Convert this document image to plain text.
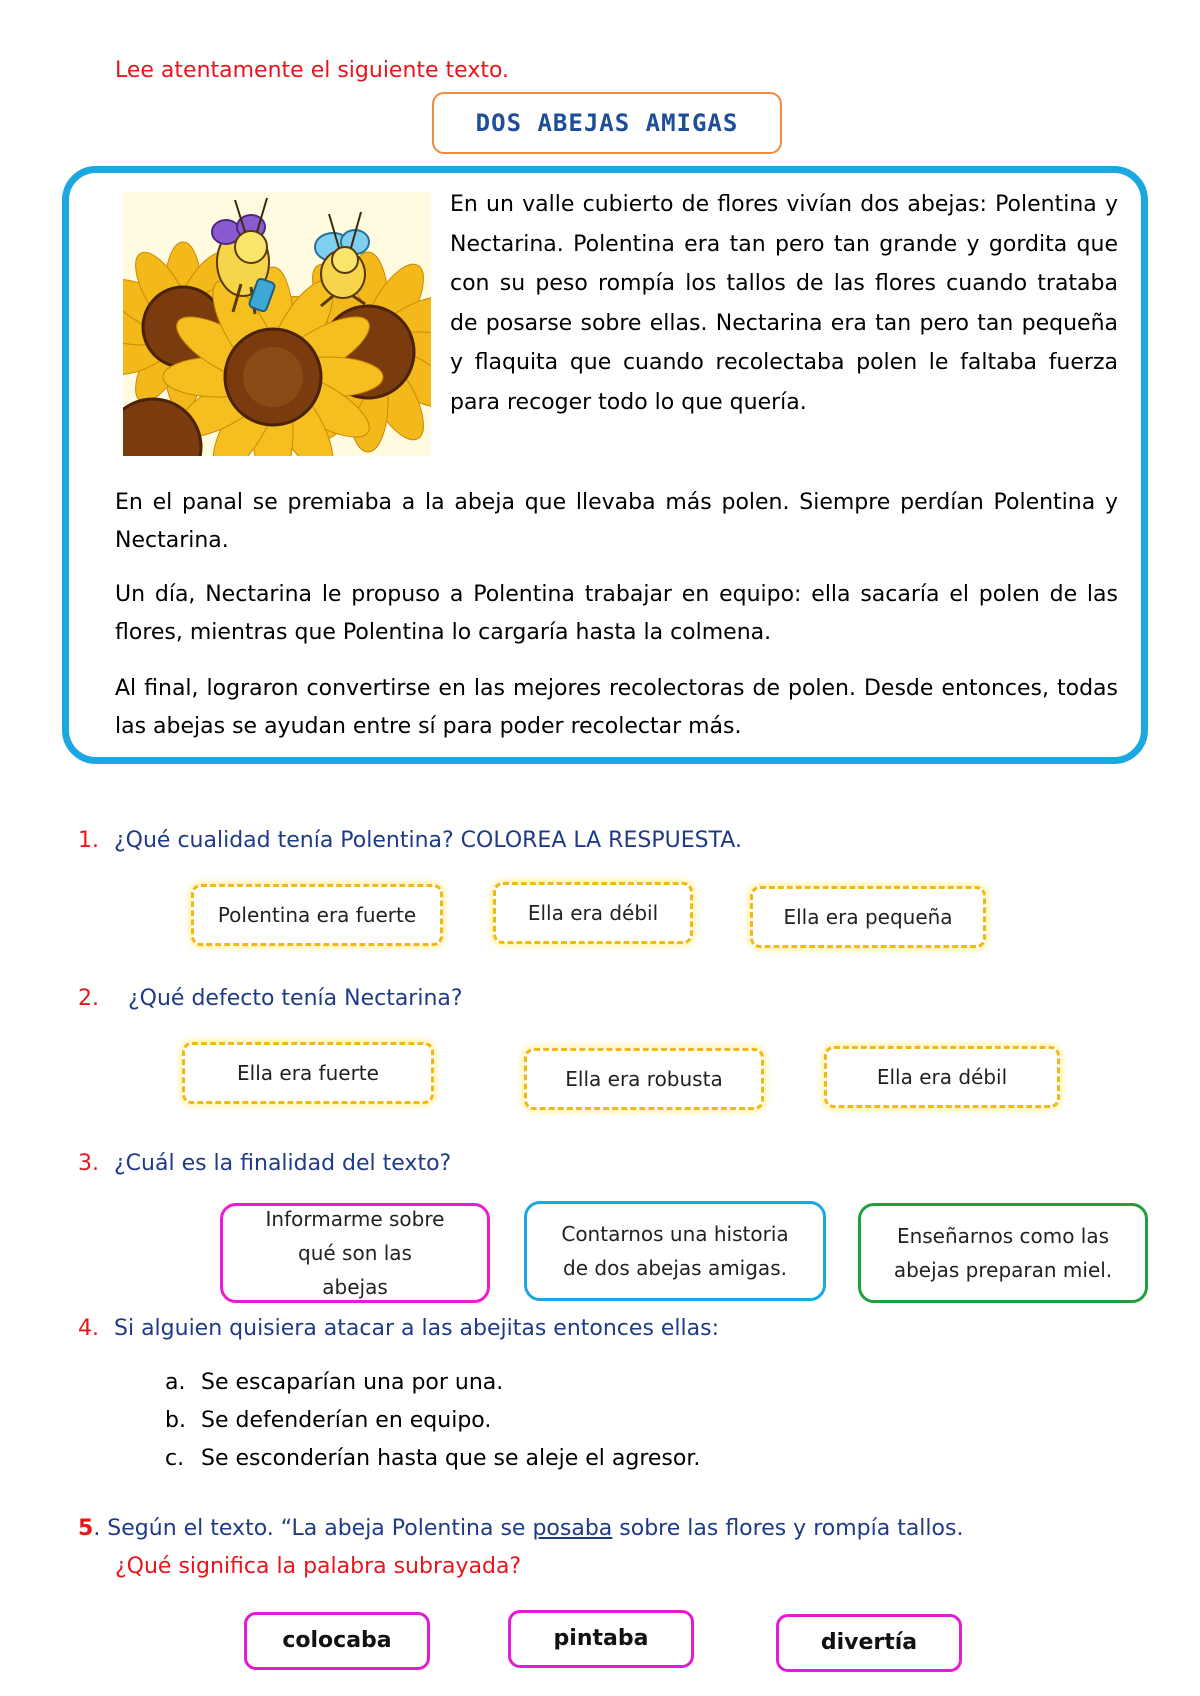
Lee atentamente el siguiente texto.
DOS ABEJAS AMIGAS
En un valle cubierto de flores vivían dos abejas: Polentina y Nectarina. Polentina era tan pero tan grande y gordita que con su peso rompía los tallos de las flores cuando trataba de posarse sobre ellas. Nectarina era tan pero tan pequeña y flaquita que cuando recolectaba polen le faltaba fuerza para recoger todo lo que quería.
En el panal se premiaba a la abeja que llevaba más polen. Siempre perdían Polentina y Nectarina.
Un día, Nectarina le propuso a Polentina trabajar en equipo: ella sacaría el polen de las flores, mientras que Polentina lo cargaría hasta la colmena.
Al final, lograron convertirse en las mejores recolectoras de polen. Desde entonces, todas las abejas se ayudan entre sí para poder recolectar más.
1. ¿Qué cualidad tenía Polentina? COLOREA LA RESPUESTA.
Polentina era fuerte	Ella era débil	Ella era pequeña
2. ¿Qué defecto tenía Nectarina?
Ella era fuerte	Ella era robusta	Ella era débil
3. ¿Cuál es la finalidad del texto?
Informarme sobre qué son las abejas
Contarnos una historia de dos abejas amigas.
Enseñarnos como las abejas preparan miel.
4. Si alguien quisiera atacar a las abejitas entonces ellas:
a. Se escaparían una por una.
b. Se defenderían en equipo.
c. Se esconderían hasta que se aleje el agresor.
5. Según el texto. “La abeja Polentina se posaba sobre las flores y rompía tallos.
¿Qué significa la palabra subrayada?
colocaba	pintaba	divertía
